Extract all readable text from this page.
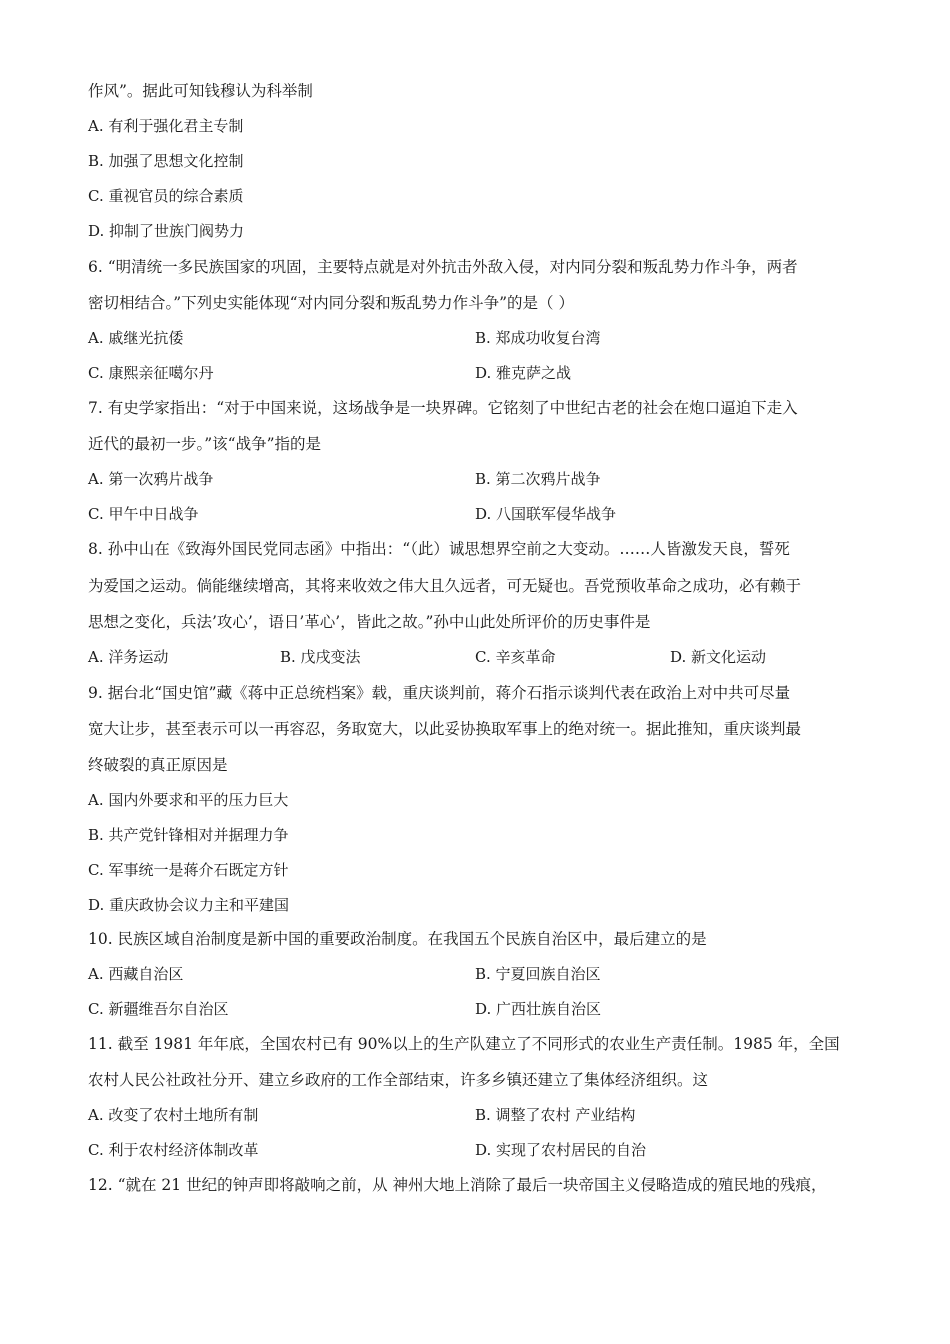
作风”。据此可知钱穆认为科举制
A. 有利于强化君主专制
B. 加强了思想文化控制
C. 重视官员的综合素质
D. 抑制了世族门阀势力
6. “明清统一多民族国家的巩固，主要特点就是对外抗击外敌入侵，对内同分裂和叛乱势力作斗争，两者
密切相结合。”下列史实能体现“对内同分裂和叛乱势力作斗争”的是（ ）
A. 戚继光抗倭	B. 郑成功收复台湾
C. 康熙亲征噶尔丹	D. 雅克萨之战
7. 有史学家指出：“对于中国来说，这场战争是一块界碑。它铭刻了中世纪古老的社会在炮口逼迫下走入
近代的最初一步。”该“战争”指的是
A. 第一次鸦片战争	B. 第二次鸦片战争
C. 甲午中日战争	D. 八国联军侵华战争
8. 孙中山在《致海外国民党同志函》中指出：“（此）诚思想界空前之大变动。……人皆激发天良，誓死
为爱国之运动。倘能继续增高，其将来收效之伟大且久远者，可无疑也。吾党预收革命之成功，必有赖于
思想之变化，兵法’攻心’，语日’革心’，皆此之故。”孙中山此处所评价的历史事件是
A. 洋务运动	B. 戊戌变法	C. 辛亥革命	D. 新文化运动
9. 据台北“国史馆”藏《蒋中正总统档案》载，重庆谈判前，蒋介石指示谈判代表在政治上对中共可尽量
宽大让步，甚至表示可以一再容忍，务取宽大，以此妥协换取军事上的绝对统一。据此推知，重庆谈判最
终破裂的真正原因是
A. 国内外要求和平的压力巨大
B. 共产党针锋相对并据理力争
C. 军事统一是蒋介石既定方针
D. 重庆政协会议力主和平建国
10. 民族区域自治制度是新中国的重要政治制度。在我国五个民族自治区中，最后建立的是
A. 西藏自治区	B. 宁夏回族自治区
C. 新疆维吾尔自治区	D. 广西壮族自治区
11. 截至 1981 年年底，全国农村已有 90%以上的生产队建立了不同形式的农业生产责任制。1985 年，全国
农村人民公社政社分开、建立乡政府的工作全部结束，许多乡镇还建立了集体经济组织。这
A. 改变了农村土地所有制	B. 调整了农村 产业结构
C. 利于农村经济体制改革	D. 实现了农村居民的自治
12. “就在 21 世纪的钟声即将敲响之前，从 神州大地上消除了最后一块帝国主义侵略造成的殖民地的残痕，
